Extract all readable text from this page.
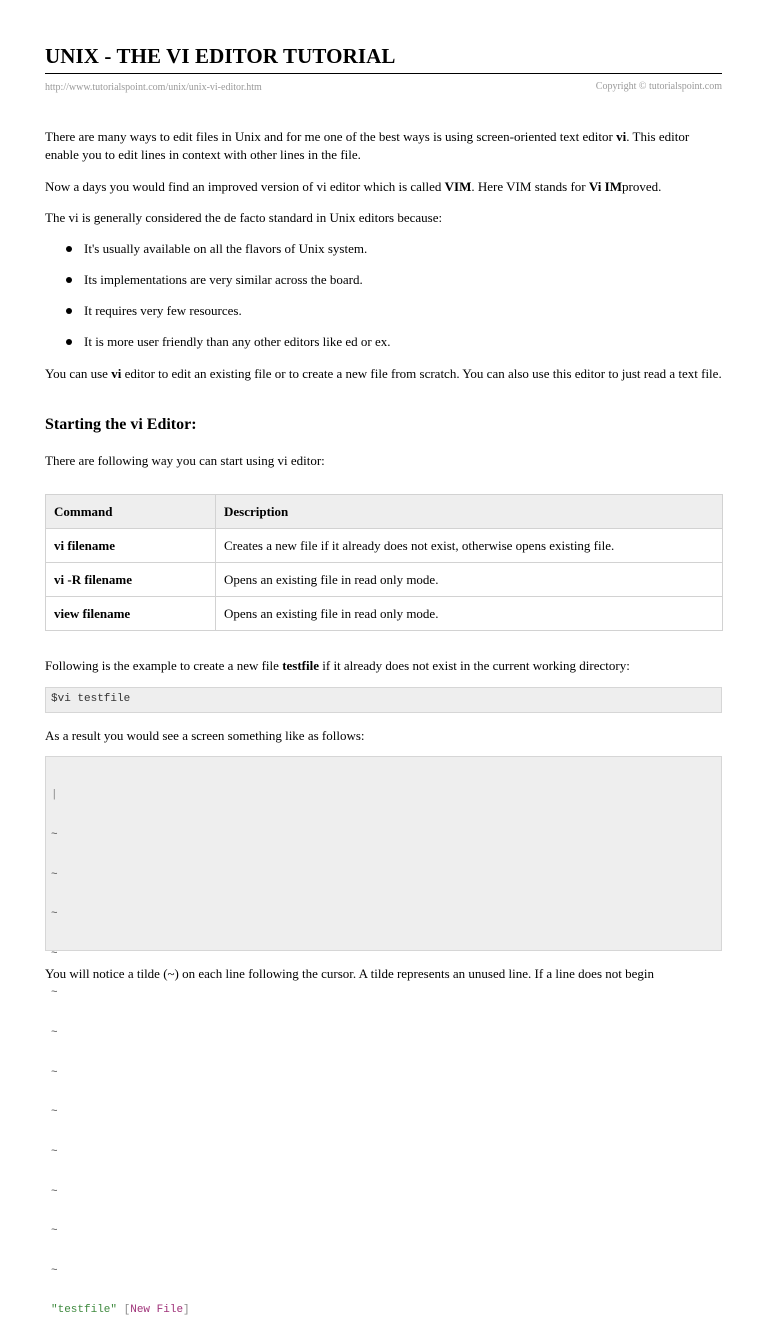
UNIX - THE VI EDITOR TUTORIAL
http://www.tutorialspoint.com/unix/unix-vi-editor.htm	Copyright © tutorialspoint.com

There are many ways to edit files in Unix and for me one of the best ways is using screen-oriented text editor vi. This editor enable you to edit lines in context with other lines in the file.

Now a days you would find an improved version of vi editor which is called VIM. Here VIM stands for Vi IMproved.

The vi is generally considered the de facto standard in Unix editors because:

It's usually available on all the flavors of Unix system.
Its implementations are very similar across the board.
It requires very few resources.
It is more user friendly than any other editors like ed or ex.

You can use vi editor to edit an existing file or to create a new file from scratch. You can also use this editor to just read a text file.

Starting the vi Editor:

There are following way you can start using vi editor:

Command	Description
vi filename	Creates a new file if it already does not exist, otherwise opens existing file.
vi -R filename	Opens an existing file in read only mode.
view filename	Opens an existing file in read only mode.

Following is the example to create a new file testfile if it already does not exist in the current working directory:

$vi testfile

As a result you would see a screen something like as follows:

|

~

~

~

~

~

~

~

~

~

~

~

~

"testfile" [New File]

You will notice a tilde (~) on each line following the cursor. A tilde represents an unused line. If a line does not begin
